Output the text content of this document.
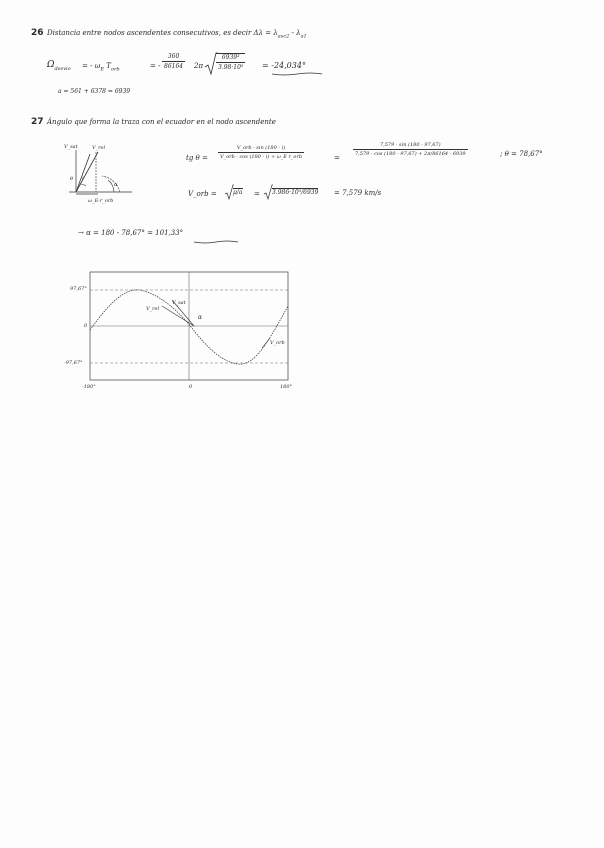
26 Distancia entre nodos ascendentes consecutivos, es decir $\Delta\lambda = \lambda_{asc2} - \lambda_{a1}$
$\Omega_{desvio}$ = - $\omega_E$ $T_{orb}$	= - $\frac{360}{86164} 2\pi \frac{\text{6939³}}{\text{3.98·10⁵}} = -24,034^\circ$
a = 561 + 6378 = 6939
27 Ángulo que forma la traza con el ecuador en el nodo ascendente
V_sat	V_rel
θ i
α
ω_E·r_orb
tg θ =
V_orb · sin (180 - i)
V_orb · cos (180 - i) + ω_E r_orb	=
$\frac{7,579 \cdot \sin (180 - 97,67)}{7,579 \cdot \cos (180 - 97,67) + 2\pi/86164 \cdot 6939}$	; θ = 78,67°
V_orb =	μ/a = 3.986·10⁵/6939 = 7,579 km/s
→ α = 180 - 78,67° = 101,33°
97,67°
0
-97,67°
-180°	0	180°
V_rel
V_sat
α
V_orb
